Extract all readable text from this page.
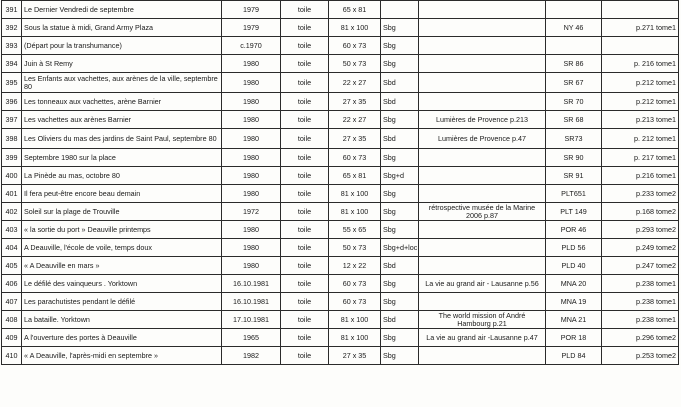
391	Le Dernier Vendredi de septembre	1979	toile	65 x 81				
392	Sous la statue à midi, Grand Army Plaza	1979	toile	81 x 100	Sbg		NY 46	p.271 tome1
393	(Départ pour la transhumance)	c.1970	toile	60 x 73	Sbg			
394	Juin à St Remy	1980	toile	50 x 73	Sbg		SR 86	p. 216 tome1
395	Les Enfants aux vachettes, aux arènes de la ville, septembre 80	1980	toile	22 x 27	Sbd		SR 67	p.212 tome1
396	Les tonneaux aux vachettes, arène Barnier	1980	toile	27 x 35	Sbd		SR 70	p.212 tome1
397	Les vachettes aux arènes Barnier	1980	toile	22 x 27	Sbg	Lumières de Provence p.213	SR 68	p.213 tome1
398	Les Oliviers du mas des jardins de Saint Paul, septembre 80	1980	toile	27 x 35	Sbd	Lumières de Provence p.47	SR73	p. 212 tome1
399	Septembre 1980 sur la place	1980	toile	60 x 73	Sbg		SR 90	p. 217 tome1
400	La Pinède au mas, octobre 80	1980	toile	65 x 81	Sbg+d		SR 91	p.216 tome1
401	Il fera peut-être encore beau demain	1980	toile	81 x 100	Sbg		PLT651	p.233 tome2
402	Soleil sur la plage de Trouville	1972	toile	81 x 100	Sbg	rétrospective musée de la Marine 2006 p.87	PLT 149	p.168 tome2
403	« la sortie du port » Deauville printemps	1980	toile	55 x 65	Sbg		POR 46	p.293 tome2
404	A Deauville, l'école de voile, temps doux	1980	toile	50 x 73	Sbg+d+loc		PLD 56	p.249 tome2
405	« A Deauville en mars »	1980	toile	12 x 22	Sbd		PLD 40	p.247 tome2
406	Le défilé des vainqueurs . Yorktown	16.10.1981	toile	60 x 73	Sbg	La vie au grand air - Lausanne p.56	MNA 20	p.238 tome1
407	Les parachutistes pendant le défilé	16.10.1981	toile	60 x 73	Sbg		MNA 19	p.238 tome1
408	La bataille. Yorktown	17.10.1981	toile	81 x 100	Sbd	The world mission of André Hambourg p.21	MNA 21	p.238 tome1
409	A l'ouverture des portes à Deauville	1965	toile	81 x 100	Sbg	La vie au grand air -Lausanne p.47	POR 18	p.296 tome2
410	« A Deauville, l'après-midi en septembre »	1982	toile	27 x 35	Sbg		PLD 84	p.253 tome2
